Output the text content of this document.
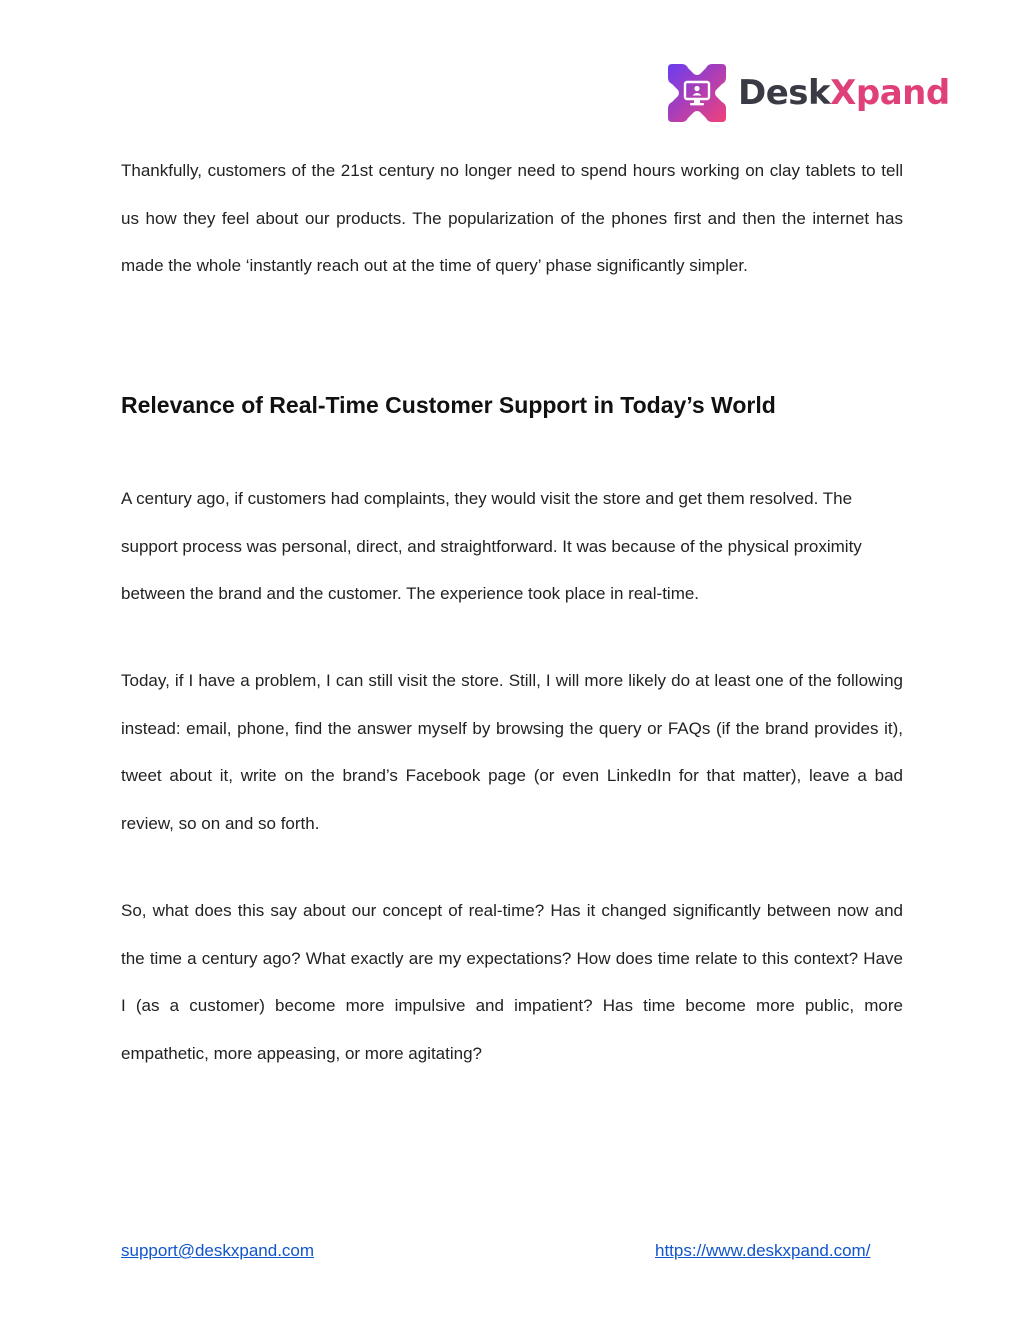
DeskXpand

Thankfully, customers of the 21st century no longer need to spend hours working on clay tablets to tell us how they feel about our products. The popularization of the phones first and then the internet has made the whole ‘instantly reach out at the time of query’ phase significantly simpler.

Relevance of Real-Time Customer Support in Today’s World

A century ago, if customers had complaints, they would visit the store and get them resolved. The support process was personal, direct, and straightforward. It was because of the physical proximity between the brand and the customer. The experience took place in real-time.

Today, if I have a problem, I can still visit the store. Still, I will more likely do at least one of the following instead: email, phone, find the answer myself by browsing the query or FAQs (if the brand provides it), tweet about it, write on the brand’s Facebook page (or even LinkedIn for that matter), leave a bad review, so on and so forth.

So, what does this say about our concept of real-time? Has it changed significantly between now and the time a century ago? What exactly are my expectations? How does time relate to this context? Have I (as a customer) become more impulsive and impatient? Has time become more public, more empathetic, more appeasing, or more agitating?

support@deskxpand.com	https://www.deskxpand.com/
